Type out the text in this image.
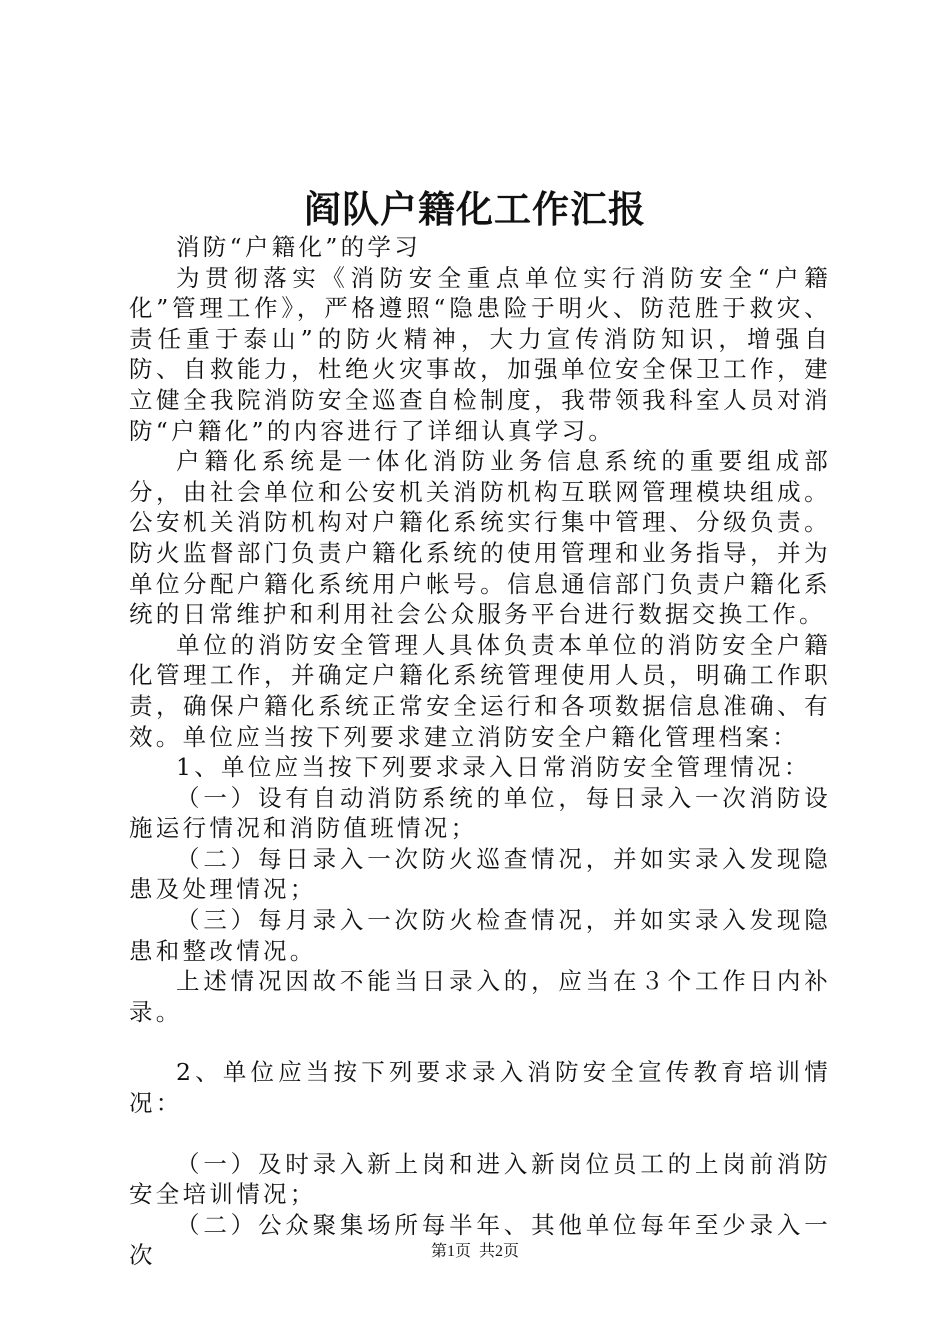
阎队户籍化工作汇报

消防“户籍化”的学习

为贯彻落实《消防安全重点单位实行消防安全“户籍化”管理工作》，严格遵照“隐患险于明火、防范胜于救灾、责任重于泰山”的防火精神，大力宣传消防知识，增强自防、自救能力，杜绝火灾事故，加强单位安全保卫工作，建立健全我院消防安全巡查自检制度，我带领我科室人员对消防“户籍化”的内容进行了详细认真学习。

户籍化系统是一体化消防业务信息系统的重要组成部分，由社会单位和公安机关消防机构互联网管理模块组成。公安机关消防机构对户籍化系统实行集中管理、分级负责。防火监督部门负责户籍化系统的使用管理和业务指导，并为单位分配户籍化系统用户帐号。信息通信部门负责户籍化系统的日常维护和利用社会公众服务平台进行数据交换工作。

单位的消防安全管理人具体负责本单位的消防安全户籍化管理工作，并确定户籍化系统管理使用人员，明确工作职责，确保户籍化系统正常安全运行和各项数据信息准确、有效。单位应当按下列要求建立消防安全户籍化管理档案：

1、单位应当按下列要求录入日常消防安全管理情况：

（一）设有自动消防系统的单位，每日录入一次消防设施运行情况和消防值班情况；

（二）每日录入一次防火巡查情况，并如实录入发现隐患及处理情况；

（三）每月录入一次防火检查情况，并如实录入发现隐患和整改情况。

上述情况因故不能当日录入的，应当在３个工作日内补录。

2、单位应当按下列要求录入消防安全宣传教育培训情况：

（一）及时录入新上岗和进入新岗位员工的上岗前消防安全培训情况；

（二）公众聚集场所每半年、其他单位每年至少录入一次	第1页  共2页
